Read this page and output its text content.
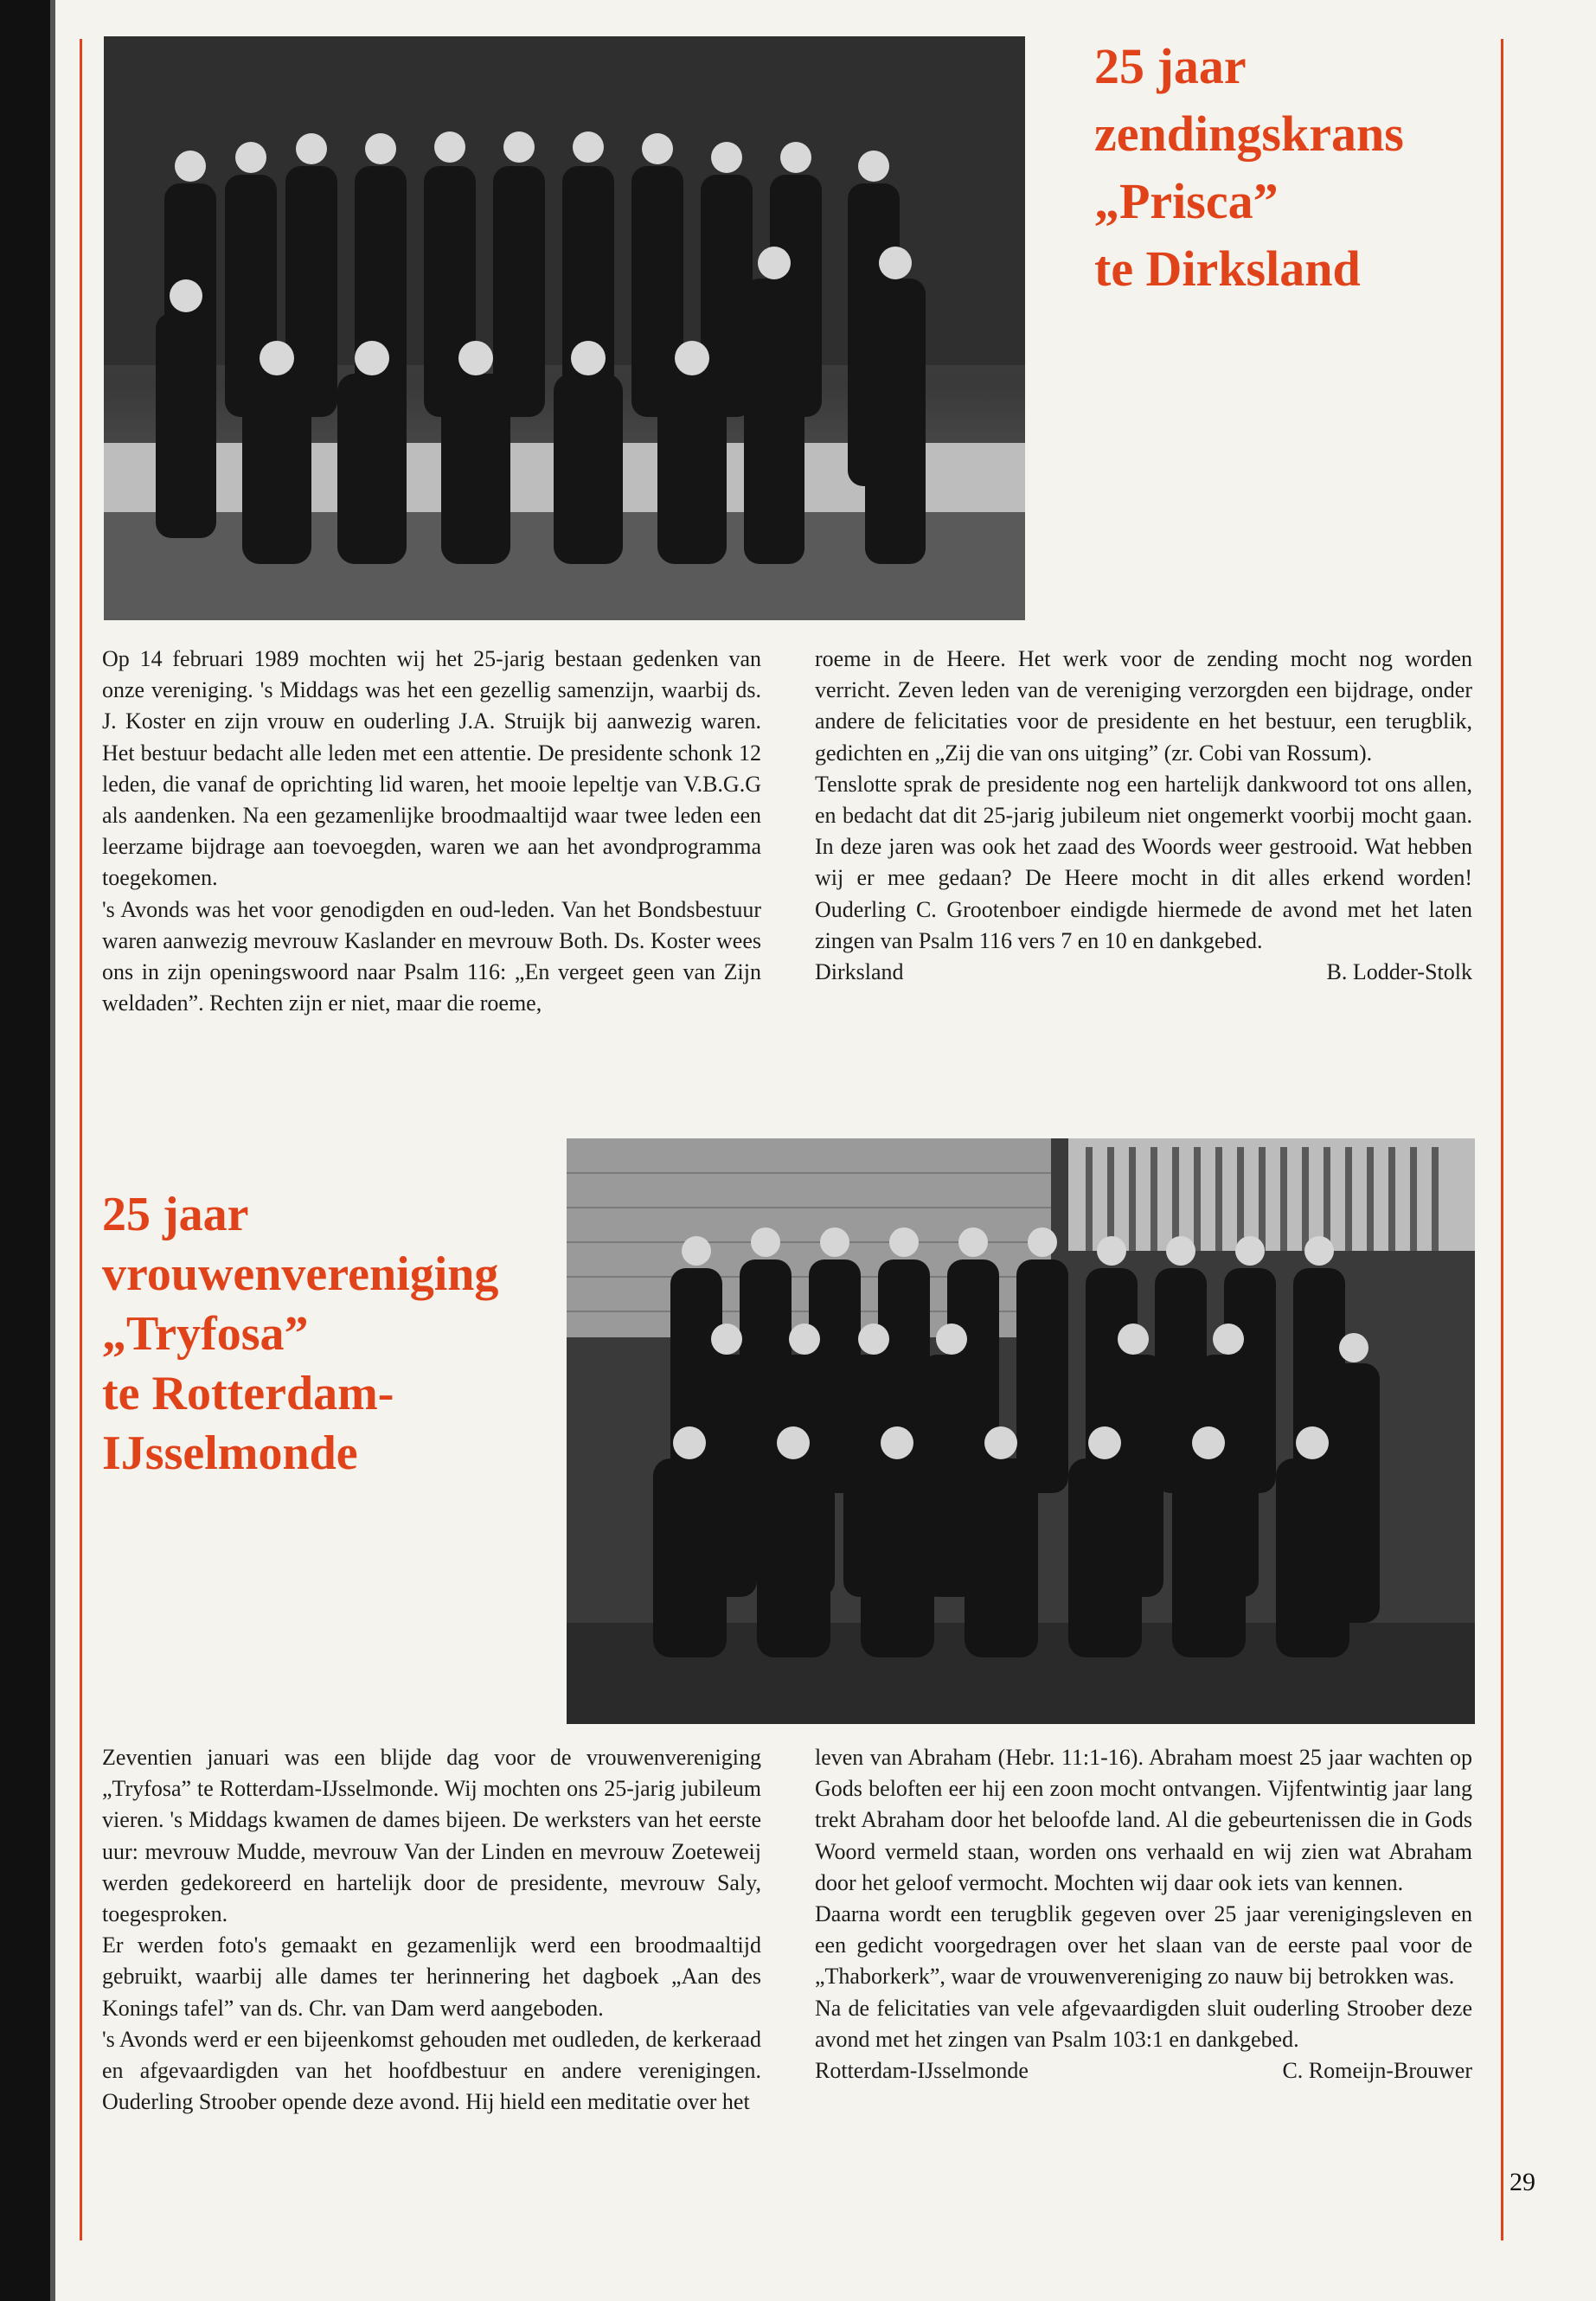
25 jaar
zendingskrans
„Prisca”
te Dirksland

Op 14 februari 1989 mochten wij het 25-jarig bestaan gedenken van onze vereniging. 's Middags was het een gezellig samenzijn, waarbij ds. J. Koster en zijn vrouw en ouderling J.A. Struijk bij aanwezig waren. Het bestuur bedacht alle leden met een attentie. De presidente schonk 12 leden, die vanaf de oprichting lid waren, het mooie lepeltje van V.B.G.G als aandenken. Na een gezamenlijke broodmaaltijd waar twee leden een leerzame bijdrage aan toevoegden, waren we aan het avondprogramma toegekomen.

's Avonds was het voor genodigden en oud-leden. Van het Bondsbestuur waren aanwezig mevrouw Kaslander en mevrouw Both. Ds. Koster wees ons in zijn openingswoord naar Psalm 116: „En vergeet geen van Zijn weldaden”. Rechten zijn er niet, maar die roeme,

roeme in de Heere. Het werk voor de zending mocht nog worden verricht. Zeven leden van de vereniging verzorgden een bijdrage, onder andere de felicitaties voor de presidente en het bestuur, een terugblik, gedichten en „Zij die van ons uitging” (zr. Cobi van Rossum).

Tenslotte sprak de presidente nog een hartelijk dankwoord tot ons allen, en bedacht dat dit 25-jarig jubileum niet ongemerkt voorbij mocht gaan. In deze jaren was ook het zaad des Woords weer gestrooid. Wat hebben wij er mee gedaan? De Heere mocht in dit alles erkend worden! Ouderling C. Grootenboer eindigde hiermede de avond met het laten zingen van Psalm 116 vers 7 en 10 en dankgebed.

Dirksland	B. Lodder-Stolk
25 jaar
vrouwenvereniging
„Tryfosa”
te Rotterdam-
IJsselmonde

Zeventien januari was een blijde dag voor de vrouwenvereniging „Tryfosa” te Rotterdam-IJsselmonde. Wij mochten ons 25-jarig jubileum vieren. 's Middags kwamen de dames bijeen. De werksters van het eerste uur: mevrouw Mudde, mevrouw Van der Linden en mevrouw Zoeteweij werden gedekoreerd en hartelijk door de presidente, mevrouw Saly, toegesproken.

Er werden foto's gemaakt en gezamenlijk werd een broodmaaltijd gebruikt, waarbij alle dames ter herinnering het dagboek „Aan des Konings tafel” van ds. Chr. van Dam werd aangeboden.

's Avonds werd er een bijeenkomst gehouden met oudleden, de kerkeraad en afgevaardigden van het hoofdbestuur en andere verenigingen. Ouderling Stroober opende deze avond. Hij hield een meditatie over het

leven van Abraham (Hebr. 11:1-16). Abraham moest 25 jaar wachten op Gods beloften eer hij een zoon mocht ontvangen. Vijfentwintig jaar lang trekt Abraham door het beloofde land. Al die gebeurtenissen die in Gods Woord vermeld staan, worden ons verhaald en wij zien wat Abraham door het geloof vermocht. Mochten wij daar ook iets van kennen.

Daarna wordt een terugblik gegeven over 25 jaar verenigingsleven en een gedicht voorgedragen over het slaan van de eerste paal voor de „Thaborkerk”, waar de vrouwenvereniging zo nauw bij betrokken was.

Na de felicitaties van vele afgevaardigden sluit ouderling Stroober deze avond met het zingen van Psalm 103:1 en dankgebed.

Rotterdam-IJsselmonde	C. Romeijn-Brouwer
29
